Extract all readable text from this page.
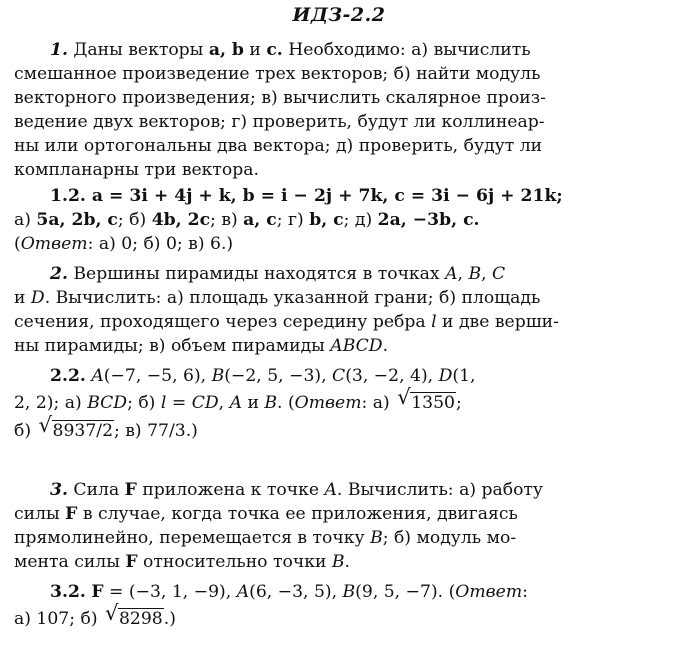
ИДЗ-2.2
1. Даны векторы a, b и c. Необходимо: а) вычислить
смешанное произведение трех векторов; б) найти модуль
векторного произведения; в) вычислить скалярное произ-
ведение двух векторов; г) проверить, будут ли коллинеар-
ны или ортогональны два вектора; д) проверить, будут ли
компланарны три вектора.
1.2. a = 3i + 4j + k, b = i − 2j + 7k, c = 3i − 6j + 21k;
а) 5a, 2b, c; б) 4b, 2c; в) a, c; г) b, c; д) 2a, −3b, c.
(Ответ: а) 0; б) 0; в) 6.)
2. Вершины пирамиды находятся в точках A, B, C
и D. Вычислить: а) площадь указанной грани; б) площадь
сечения, проходящего через середину ребра l и две верши-
ны пирамиды; в) объем пирамиды ABCD.
2.2. A(−7, −5, 6), B(−2, 5, −3), C(3, −2, 4), D(1,
2, 2); а) BCD; б) l = CD, A и B. (Ответ: а) √ 1350;
б) √ 8937/2; в) 77/3.)
3. Сила F приложена к точке A. Вычислить: а) работу
силы F в случае, когда точка ее приложения, двигаясь
прямолинейно, перемещается в точку B; б) модуль мо-
мента силы F относительно точки B.
3.2. F = (−3, 1, −9), A(6, −3, 5), B(9, 5, −7). (Ответ:
а) 107; б) √ 8298.)
